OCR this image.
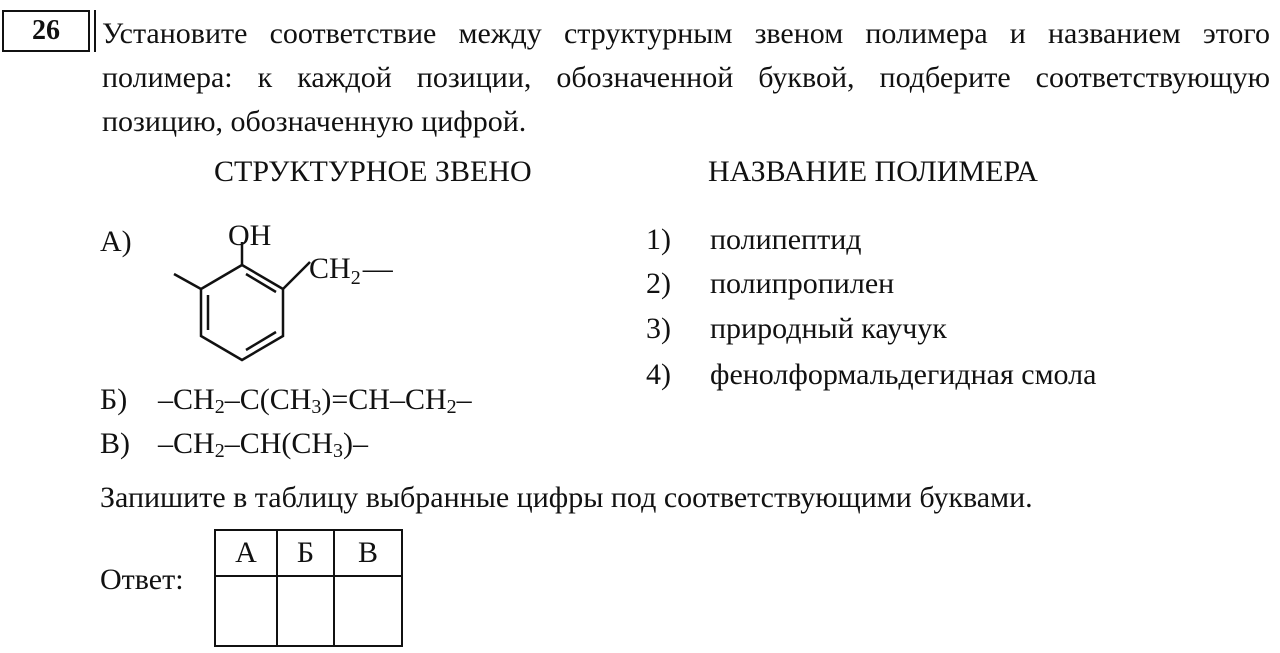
26 Установите соответствие между структурным звеном полимера и названием этого полимера: к каждой позиции, обозначенной буквой, подберите соответствующую позицию, обозначенную цифрой.
СТРУКТУРНОЕ ЗВЕНО	НАЗВАНИЕ ПОЛИМЕРА
А)	OH
$CH_2—$
Б) $-CH_2-C(CH_3)=CH-CH_2-$
В) $-CH_2-CH(CH_3)-$
1) полипептид
2) полипропилен
3) природный каучук
4) фенолформальдегидная смола
Запишите в таблицу выбранные цифры под соответствующими буквами.
Ответ:
А	Б	В
